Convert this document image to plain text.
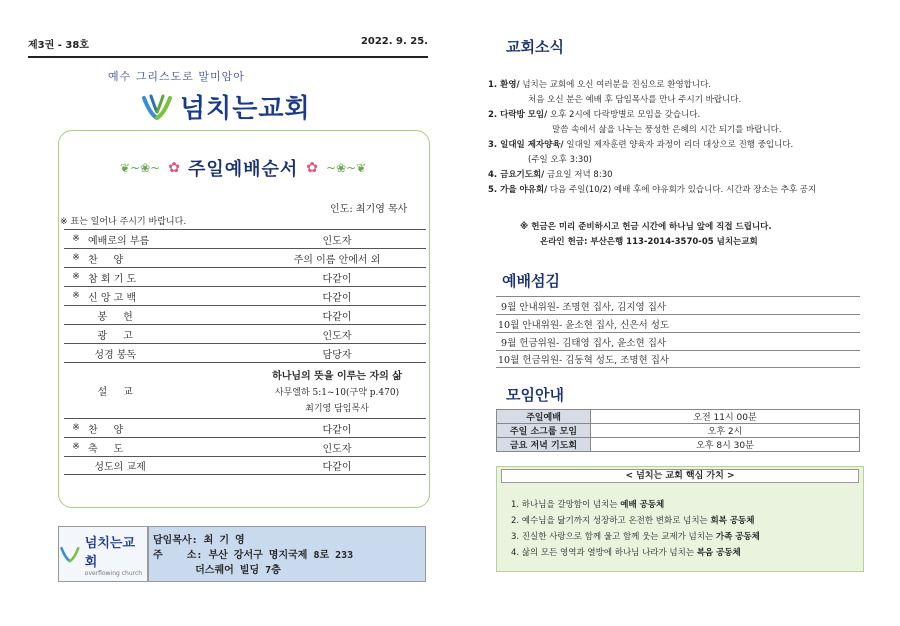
제3권 - 38호	2022. 9. 25.
예수 그리스도로 말미암아
넘치는교회
❦~❀~ ✿ 주일예배순서 ✿ ~❀~❦
인도: 최기영 목사
※ 표는 일어나 주시기 바랍니다.
※ 예배로의 부름	인도자
※ 찬     양	주의 이름 안에서 외
※ 참 회 기 도	다같이
※ 신 앙 고 백	다같이
봉     헌	다같이
광     고	인도자
성경 봉독	담당자
설     교
하나님의 뜻을 이루는 자의 삶
사무엘하 5:1~10(구약 p.470)
최기영 담임목사
※ 찬     양	다같이
※ 축     도	인도자
성도의 교제	다같이
넘치는교회
overflowing church
담임목사: 최 기 영
주    소: 부산 강서구 명지국제 8로 233
더스퀘어 빌딩 7층
교회소식
1. 환영/ 넘치는 교회에 오신 여러분을 진심으로 환영합니다.
처음 오신 분은 예배 후 담임목사를 만나 주시기 바랍니다.
2. 다락방 모임/ 오후 2시에 다락방별로 모임을 갖습니다.
말씀 속에서 삶을 나누는 풍성한 은혜의 시간 되기를 바랍니다.
3. 일대일 제자양육/ 일대일 제자훈련 양육자 과정이 리더 대상으로 진행 중입니다.
(주일 오후 3:30)
4. 금요기도회/ 금요일 저녁 8:30
5. 가을 야유회/ 다음 주일(10/2) 예배 후에 야유회가 있습니다. 시간과 장소는 추후 공지
※ 헌금은 미리 준비하시고 헌금 시간에 하나님 앞에 직접 드립니다.
온라인 헌금: 부산은행 113-2014-3570-05 넘치는교회
예배섬김
9월 안내위원- 조명현 집사, 김지영 집사
10월 안내위원- 윤소현 집사, 신은서 성도
9월 헌금위원- 김태영 집사, 윤소현 집사
10월 헌금위원- 김동혁 성도, 조명현 집사
모임안내
주일예배	오전 11시 00분
주일 소그룹 모임	오후 2시
금요 저녁 기도회	오후 8시 30분
< 넘치는 교회 핵심 가치 >
1. 하나님을 갈망함이 넘치는 예배 공동체
2. 예수님을 닮기까지 성장하고 온전한 변화로 넘치는 회복 공동체
3. 진실한 사랑으로 함께 울고 함께 웃는 교제가 넘치는 가족 공동체
4. 삶의 모든 영역과 열방에 하나님 나라가 넘치는 복음 공동체
